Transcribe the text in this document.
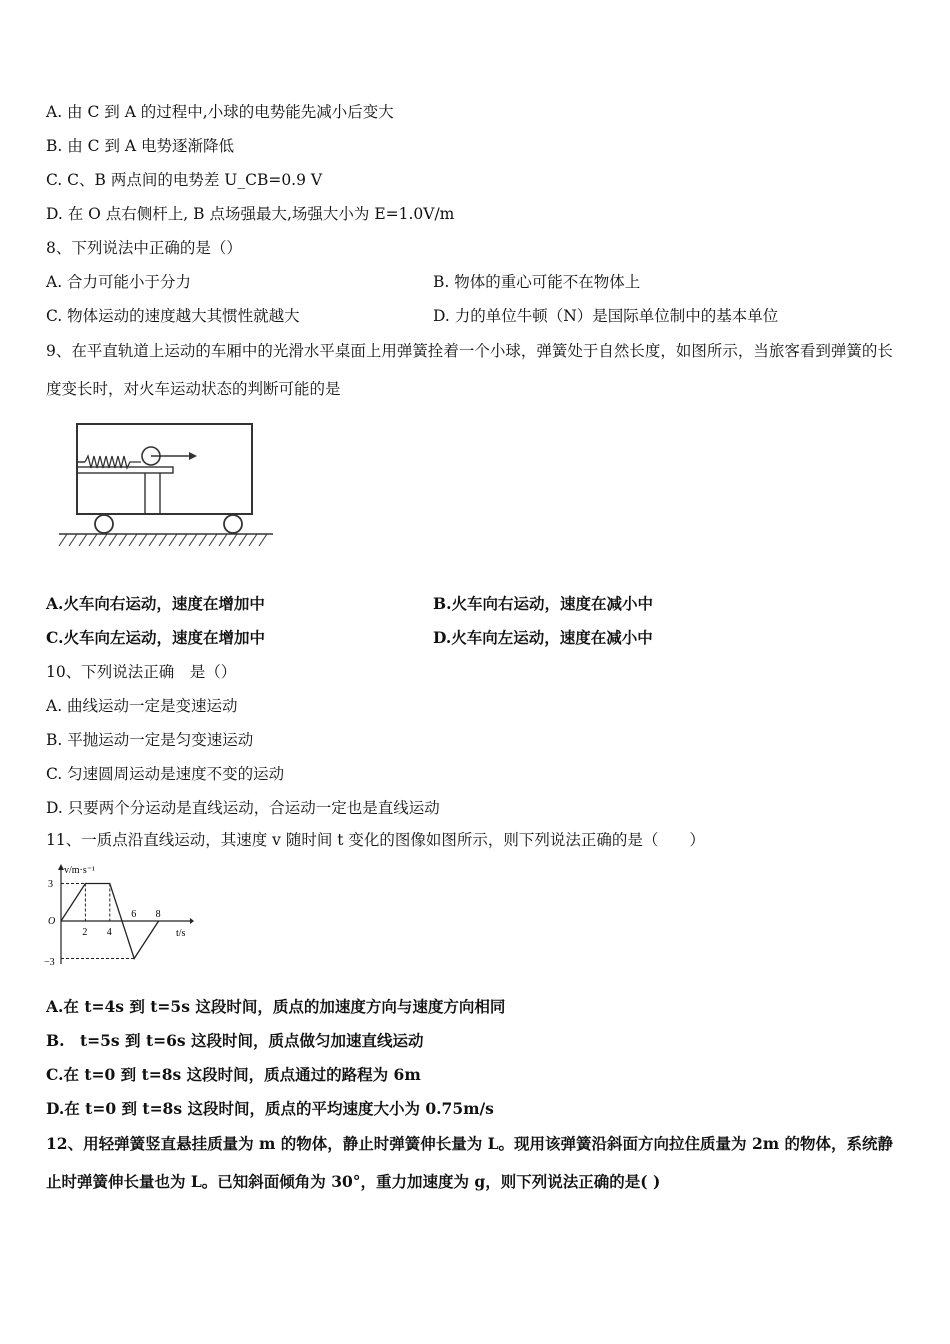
A. 由 C 到 A 的过程中,小球的电势能先减小后变大
B. 由 C 到 A 电势逐渐降低
C. C、B 两点间的电势差 U_CB=0.9 V
D. 在 O 点右侧杆上, B 点场强最大,场强大小为 E=1.0V/m
8、下列说法中正确的是（）
A. 合力可能小于分力	B. 物体的重心可能不在物体上
C. 物体运动的速度越大其惯性就越大	D. 力的单位牛顿（N）是国际单位制中的基本单位
9、在平直轨道上运动的车厢中的光滑水平桌面上用弹簧拴着一个小球，弹簧处于自然长度，如图所示，当旅客看到弹簧的长度变长时，对火车运动状态的判断可能的是
A.火车向右运动，速度在增加中	B.火车向右运动，速度在减小中
C.火车向左运动，速度在增加中	D.火车向左运动，速度在减小中
10、下列说法正确　是（）
A. 曲线运动一定是变速运动
B. 平抛运动一定是匀变速运动
C. 匀速圆周运动是速度不变的运动
D. 只要两个分运动是直线运动，合运动一定也是直线运动
11、一质点沿直线运动，其速度 v 随时间 t 变化的图像如图所示，则下列说法正确的是（　　）
v/m·s⁻¹
t/s
O
3
−3
2 4
6 8
A.在 t=4s 到 t=5s 这段时间，质点的加速度方向与速度方向相同
B.　t=5s 到 t=6s 这段时间，质点做匀加速直线运动
C.在 t=0 到 t=8s 这段时间，质点通过的路程为 6m
D.在 t=0 到 t=8s 这段时间，质点的平均速度大小为 0.75m/s
12、用轻弹簧竖直悬挂质量为 m 的物体，静止时弹簧伸长量为 L。现用该弹簧沿斜面方向拉住质量为 2m 的物体，系统静止时弹簧伸长量也为 L。已知斜面倾角为 30°，重力加速度为 g，则下列说法正确的是( )
